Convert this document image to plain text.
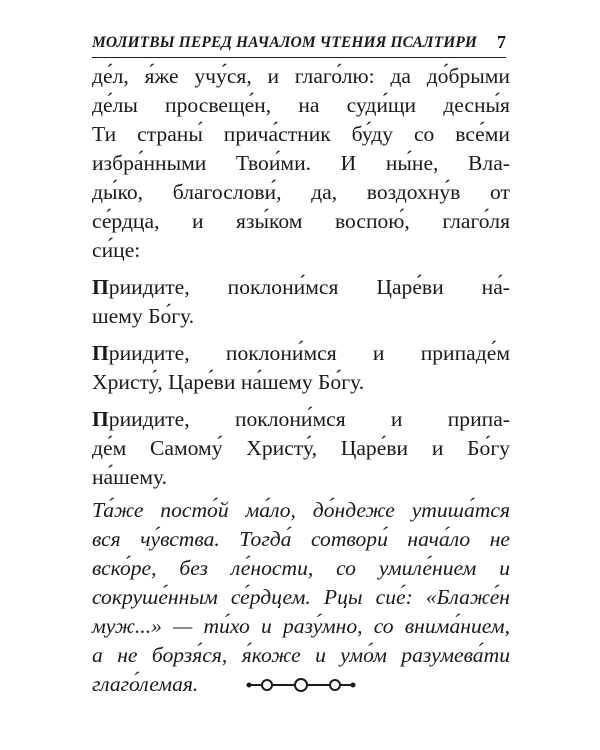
МОЛИТВЫ ПЕРЕД НАЧАЛОМ ЧТЕНИЯ ПСАЛТИРИ 7
де́л, я́же учу́ся, и глаго́лю: да до́брыми
де́лы просвеще́н, на суди́щи десны́я
Ти страны́ прича́стник бу́ду со все́ми
избра́нными Твои́ми. И ны́не, Вла-
ды́ко, благослови́, да, воздохну́в от
се́рдца, и язы́ком воспою́, глаго́ля
си́це:
Приидите, поклони́мся Царе́ви на́-
шему Бо́гу.
Приидите, поклони́мся и припаде́м
Христу́, Царе́ви на́шему Бо́гу.
Приидите, поклони́мся и припа-
де́м Самому́ Христу́, Царе́ви и Бо́гу
на́шему.
Та́же посто́й ма́ло, до́ндеже утиша́тся
вся чу́вства. Тогда́ сотвори́ нача́ло не
вско́ре, без ле́ности, со умиле́нием и
сокруше́нным се́рдцем. Рцы сие́: «Блаже́н
муж...» — ти́хо и разу́мно, со внима́нием,
а не борзя́ся, я́коже и умо́м разумева́ти
глаго́лемая.
